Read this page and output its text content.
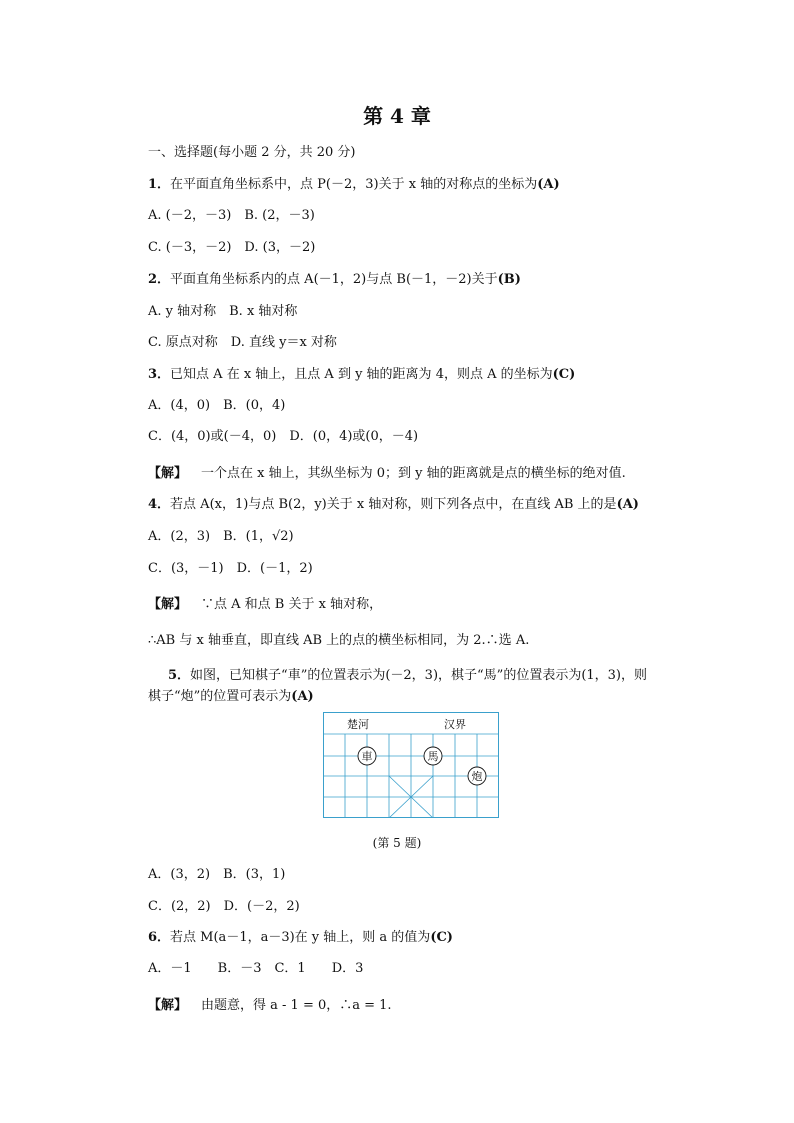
第 4 章
一、选择题(每小题 2 分，共 20 分)
1．在平面直角坐标系中，点 P(－2，3)关于 x 轴的对称点的坐标为(A)
A. (－2，－3)　B. (2，－3)
C. (－3，－2)　D. (3，－2)
2．平面直角坐标系内的点 A(－1，2)与点 B(－1，－2)关于(B)
A. y 轴对称　B. x 轴对称
C. 原点对称　D. 直线 y＝x 对称
3．已知点 A 在 x 轴上，且点 A 到 y 轴的距离为 4，则点 A 的坐标为(C)
A．(4，0)　B．(0，4)
C．(4，0)或(－4，0)　D．(0，4)或(0，－4)
【解】 一个点在 x 轴上，其纵坐标为 0；到 y 轴的距离就是点的横坐标的绝对值.
4．若点 A(x，1)与点 B(2，y)关于 x 轴对称，则下列各点中，在直线 AB 上的是(A)
A．(2，3)　B．(1，√2)
C．(3，－1)　D．(－1，2)
【解】 ∵点 A 和点 B 关于 x 轴对称，
∴AB 与 x 轴垂直，即直线 AB 上的点的横坐标相同，为 2.∴选 A.
5．如图，已知棋子“車”的位置表示为(－2，3)，棋子“馬”的位置表示为(1，3)，则
棋子“炮”的位置可表示为(A)
楚河	汉界
車	馬
炮
(第 5 题)
A．(3，2)　B．(3，1)
C．(2，2)　D．(－2，2)
6．若点 M(a－1，a－3)在 y 轴上，则 a 的值为(C)
A．－1　　B．－3　C．1　　D．3
【解】 由题意，得 a - 1 = 0，∴a = 1.
